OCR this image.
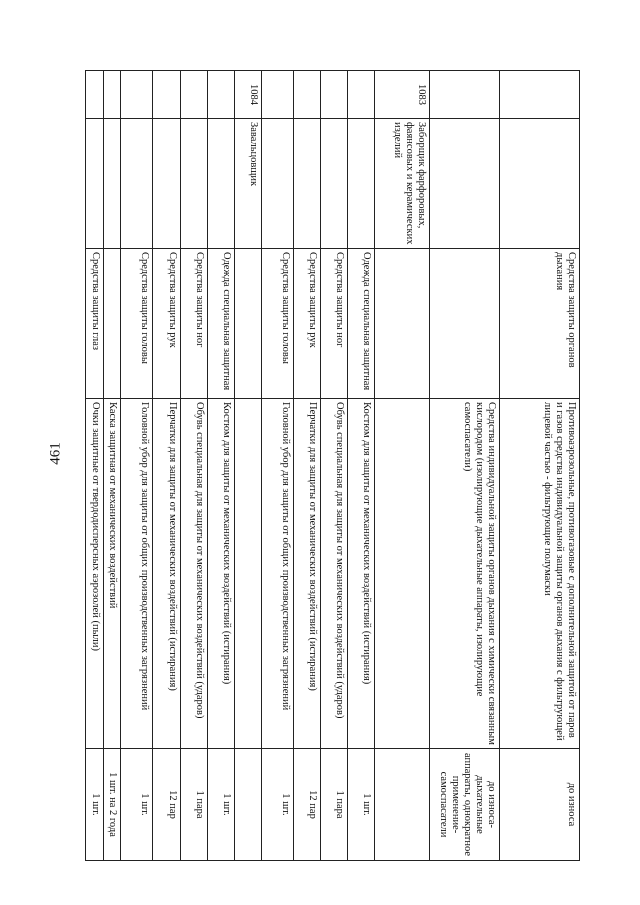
461
		Средства защиты органов дыхания	Противоаэрозольные, противогазовые с дополнительной защитой от паров и газов средства индивидуальной защиты органов дыхания с фильтрующей лицевой частью - фильтрующие полумаски	до износа
			Средства индивидуальной защиты органов дыхания с химически связанным кислородом (изолирующие дыхательные аппараты, изолирующие самоспасатели)	до износа- дыхательные аппараты, однократное применение- самоспасатели
1083	Заборщик фарфоровых, фаянсовых и керамических изделий			
		Одежда специальная защитная	Костюм для защиты от механических воздействий (истирания)	1 шт.
		Средства защиты ног	Обувь специальная для защиты от механических воздействий (ударов)	1 пара
		Средства защиты рук	Перчатки для защиты от механических воздействий (истирания)	12 пар
		Средства защиты головы	Головной убор для защиты от общих производственных загрязнений	1 шт.
1084	Завальцовщик			
		Одежда специальная защитная	Костюм для защиты от механических воздействий (истирания)	1 шт.
		Средства защиты ног	Обувь специальная для защиты от механических воздействий (ударов)	1 пара
		Средства защиты рук	Перчатки для защиты от механических воздействий (истирания)	12 пар
		Средства защиты головы	Головной убор для защиты от общих производственных загрязнений	1 шт.
			Каска защитная от механических воздействий	1 шт. на 2 года
		Средства защиты глаз	Очки защитные от твердодисперсных аэрозолей (пыли)	1 шт.
